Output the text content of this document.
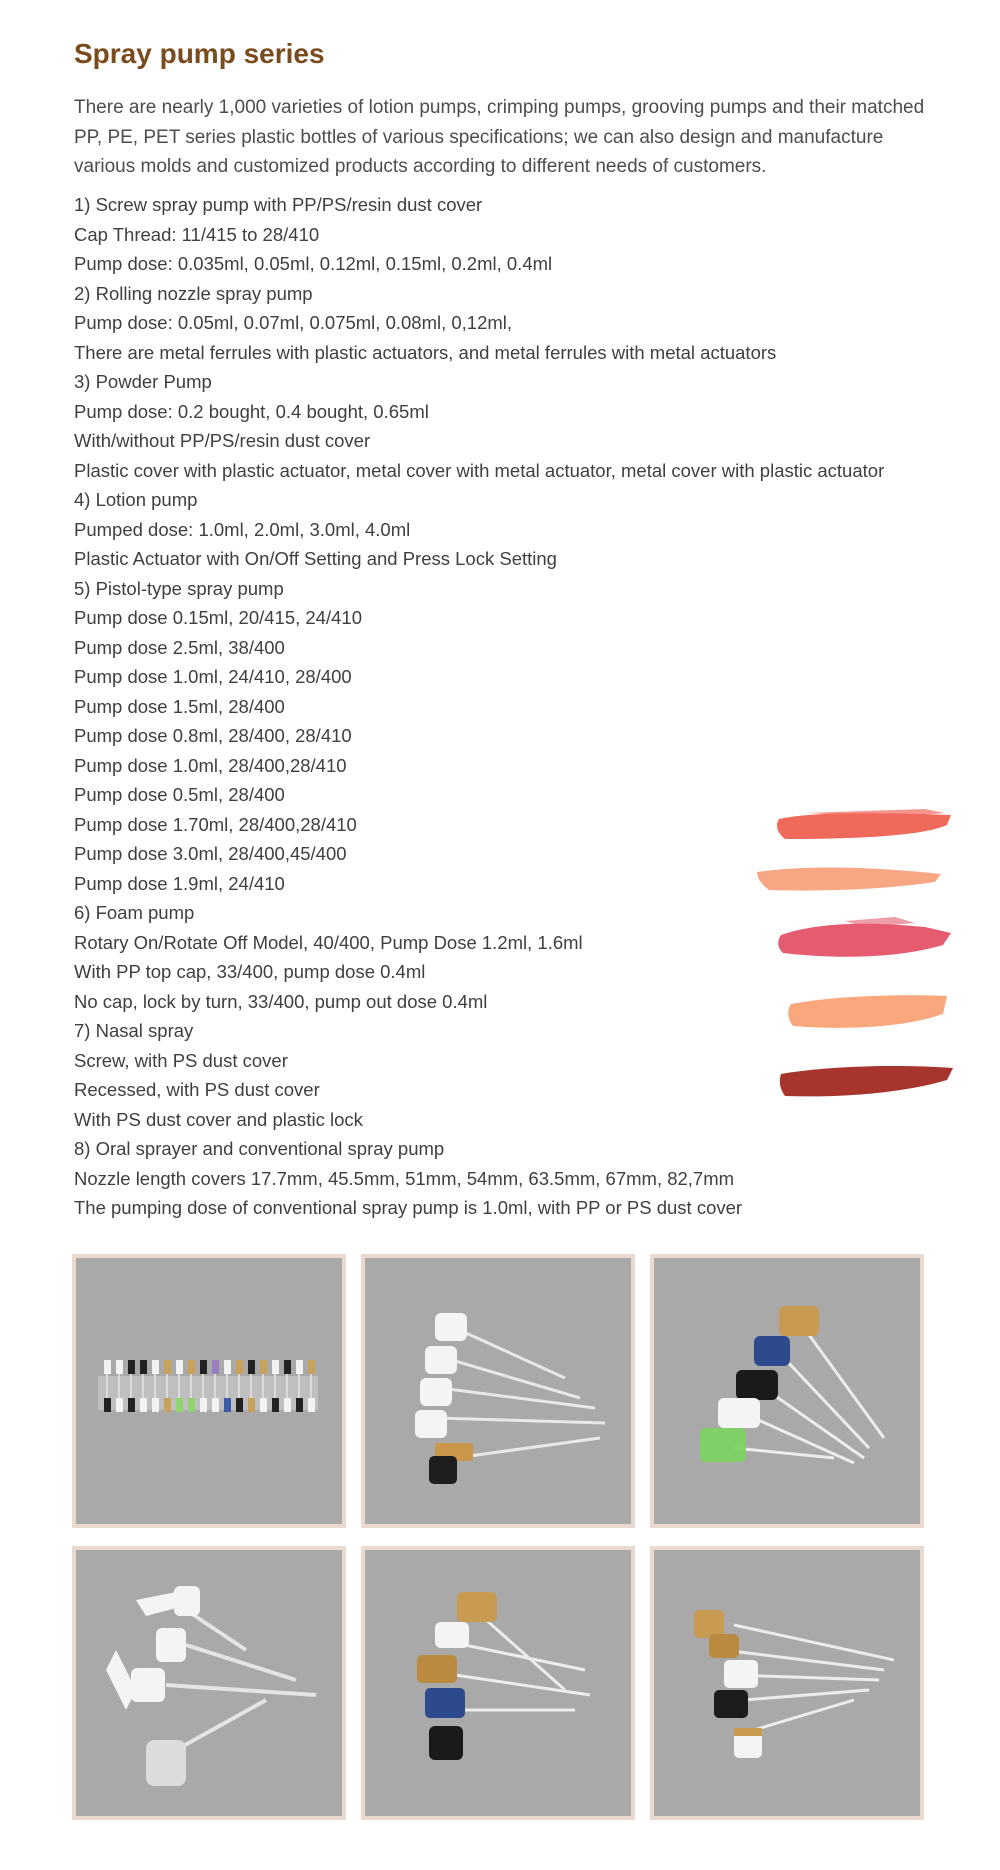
Spray pump series

There are nearly 1,000 varieties of lotion pumps, crimping pumps, grooving pumps and their matched PP, PE, PET series plastic bottles of various specifications; we can also design and manufacture various molds and customized products according to different needs of customers.

1) Screw spray pump with PP/PS/resin dust cover
Cap Thread: 11/415 to 28/410
Pump dose: 0.035ml, 0.05ml, 0.12ml, 0.15ml, 0.2ml, 0.4ml
2) Rolling nozzle spray pump
Pump dose: 0.05ml, 0.07ml, 0.075ml, 0.08ml, 0,12ml,
There are metal ferrules with plastic actuators, and metal ferrules with metal actuators
3) Powder Pump
Pump dose: 0.2 bought, 0.4 bought, 0.65ml
With/without PP/PS/resin dust cover
Plastic cover with plastic actuator, metal cover with metal actuator, metal cover with plastic actuator
4) Lotion pump
Pumped dose: 1.0ml, 2.0ml, 3.0ml, 4.0ml
Plastic Actuator with On/Off Setting and Press Lock Setting
5) Pistol-type spray pump
Pump dose 0.15ml, 20/415, 24/410
Pump dose 2.5ml, 38/400
Pump dose 1.0ml, 24/410, 28/400
Pump dose 1.5ml, 28/400
Pump dose 0.8ml, 28/400, 28/410
Pump dose 1.0ml, 28/400,28/410
Pump dose 0.5ml, 28/400
Pump dose 1.70ml, 28/400,28/410
Pump dose 3.0ml, 28/400,45/400
Pump dose 1.9ml, 24/410
6) Foam pump
Rotary On/Rotate Off Model, 40/400, Pump Dose 1.2ml, 1.6ml
With PP top cap, 33/400, pump dose 0.4ml
No cap, lock by turn, 33/400, pump out dose 0.4ml
7) Nasal spray
Screw, with PS dust cover
Recessed, with PS dust cover
With PS dust cover and plastic lock
8) Oral sprayer and conventional spray pump
Nozzle length covers 17.7mm, 45.5mm, 51mm, 54mm, 63.5mm, 67mm, 82,7mm
The pumping dose of conventional spray pump is 1.0ml, with PP or PS dust cover
